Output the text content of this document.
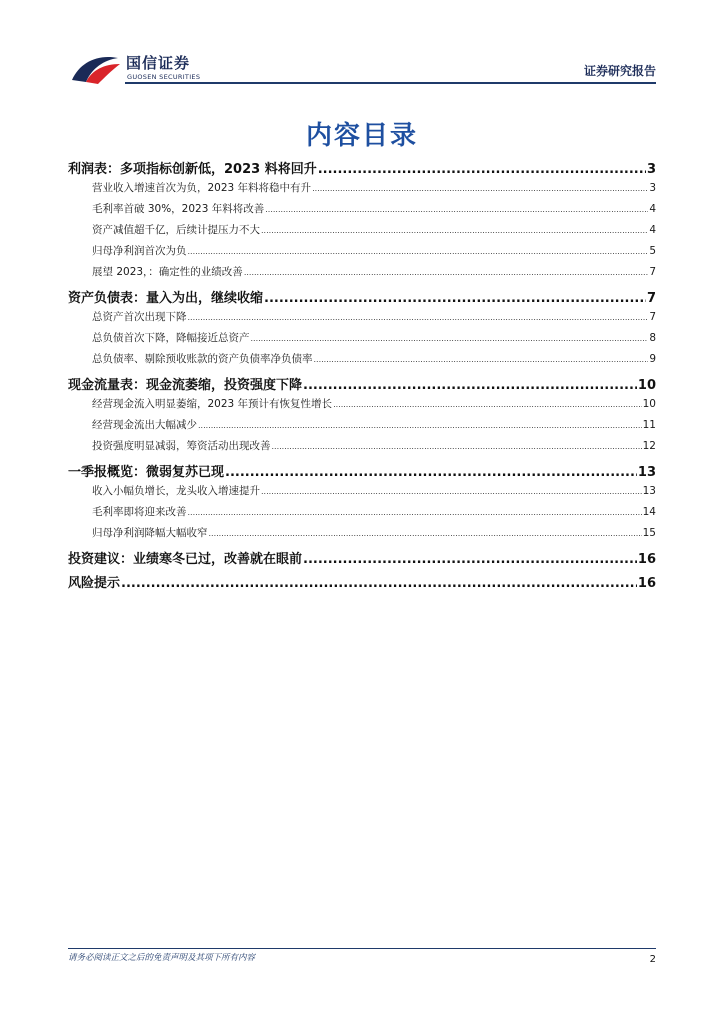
国信证券
GUOSEN SECURITIES	证券研究报告
内容目录
利润表：多项指标创新低，2023 料将回升 .....	3
营业收入增速首次为负，2023 年料将稳中有升 .....	3
毛利率首破 30%，2023 年料将改善 .....	4
资产减值超千亿，后续计提压力不大 .....	4
归母净利润首次为负 .....	5
展望 2023，：确定性的业绩改善 .....	7
资产负债表：量入为出，继续收缩 .....	7
总资产首次出现下降 .....	7
总负债首次下降，降幅接近总资产 .....	8
总负债率、剔除预收账款的资产负债率净负债率 .....	9
现金流量表：现金流萎缩，投资强度下降 .....	10
经营现金流入明显萎缩，2023 年预计有恢复性增长 .....	10
经营现金流出大幅减少 .....	11
投资强度明显减弱，筹资活动出现改善 .....	12
一季报概览：微弱复苏已现 .....	13
收入小幅负增长，龙头收入增速提升 .....	13
毛利率即将迎来改善 .....	14
归母净利润降幅大幅收窄 .....	15
投资建议：业绩寒冬已过，改善就在眼前 .....	16
风险提示 .....	16
请务必阅读正文之后的免责声明及其项下所有内容	2
